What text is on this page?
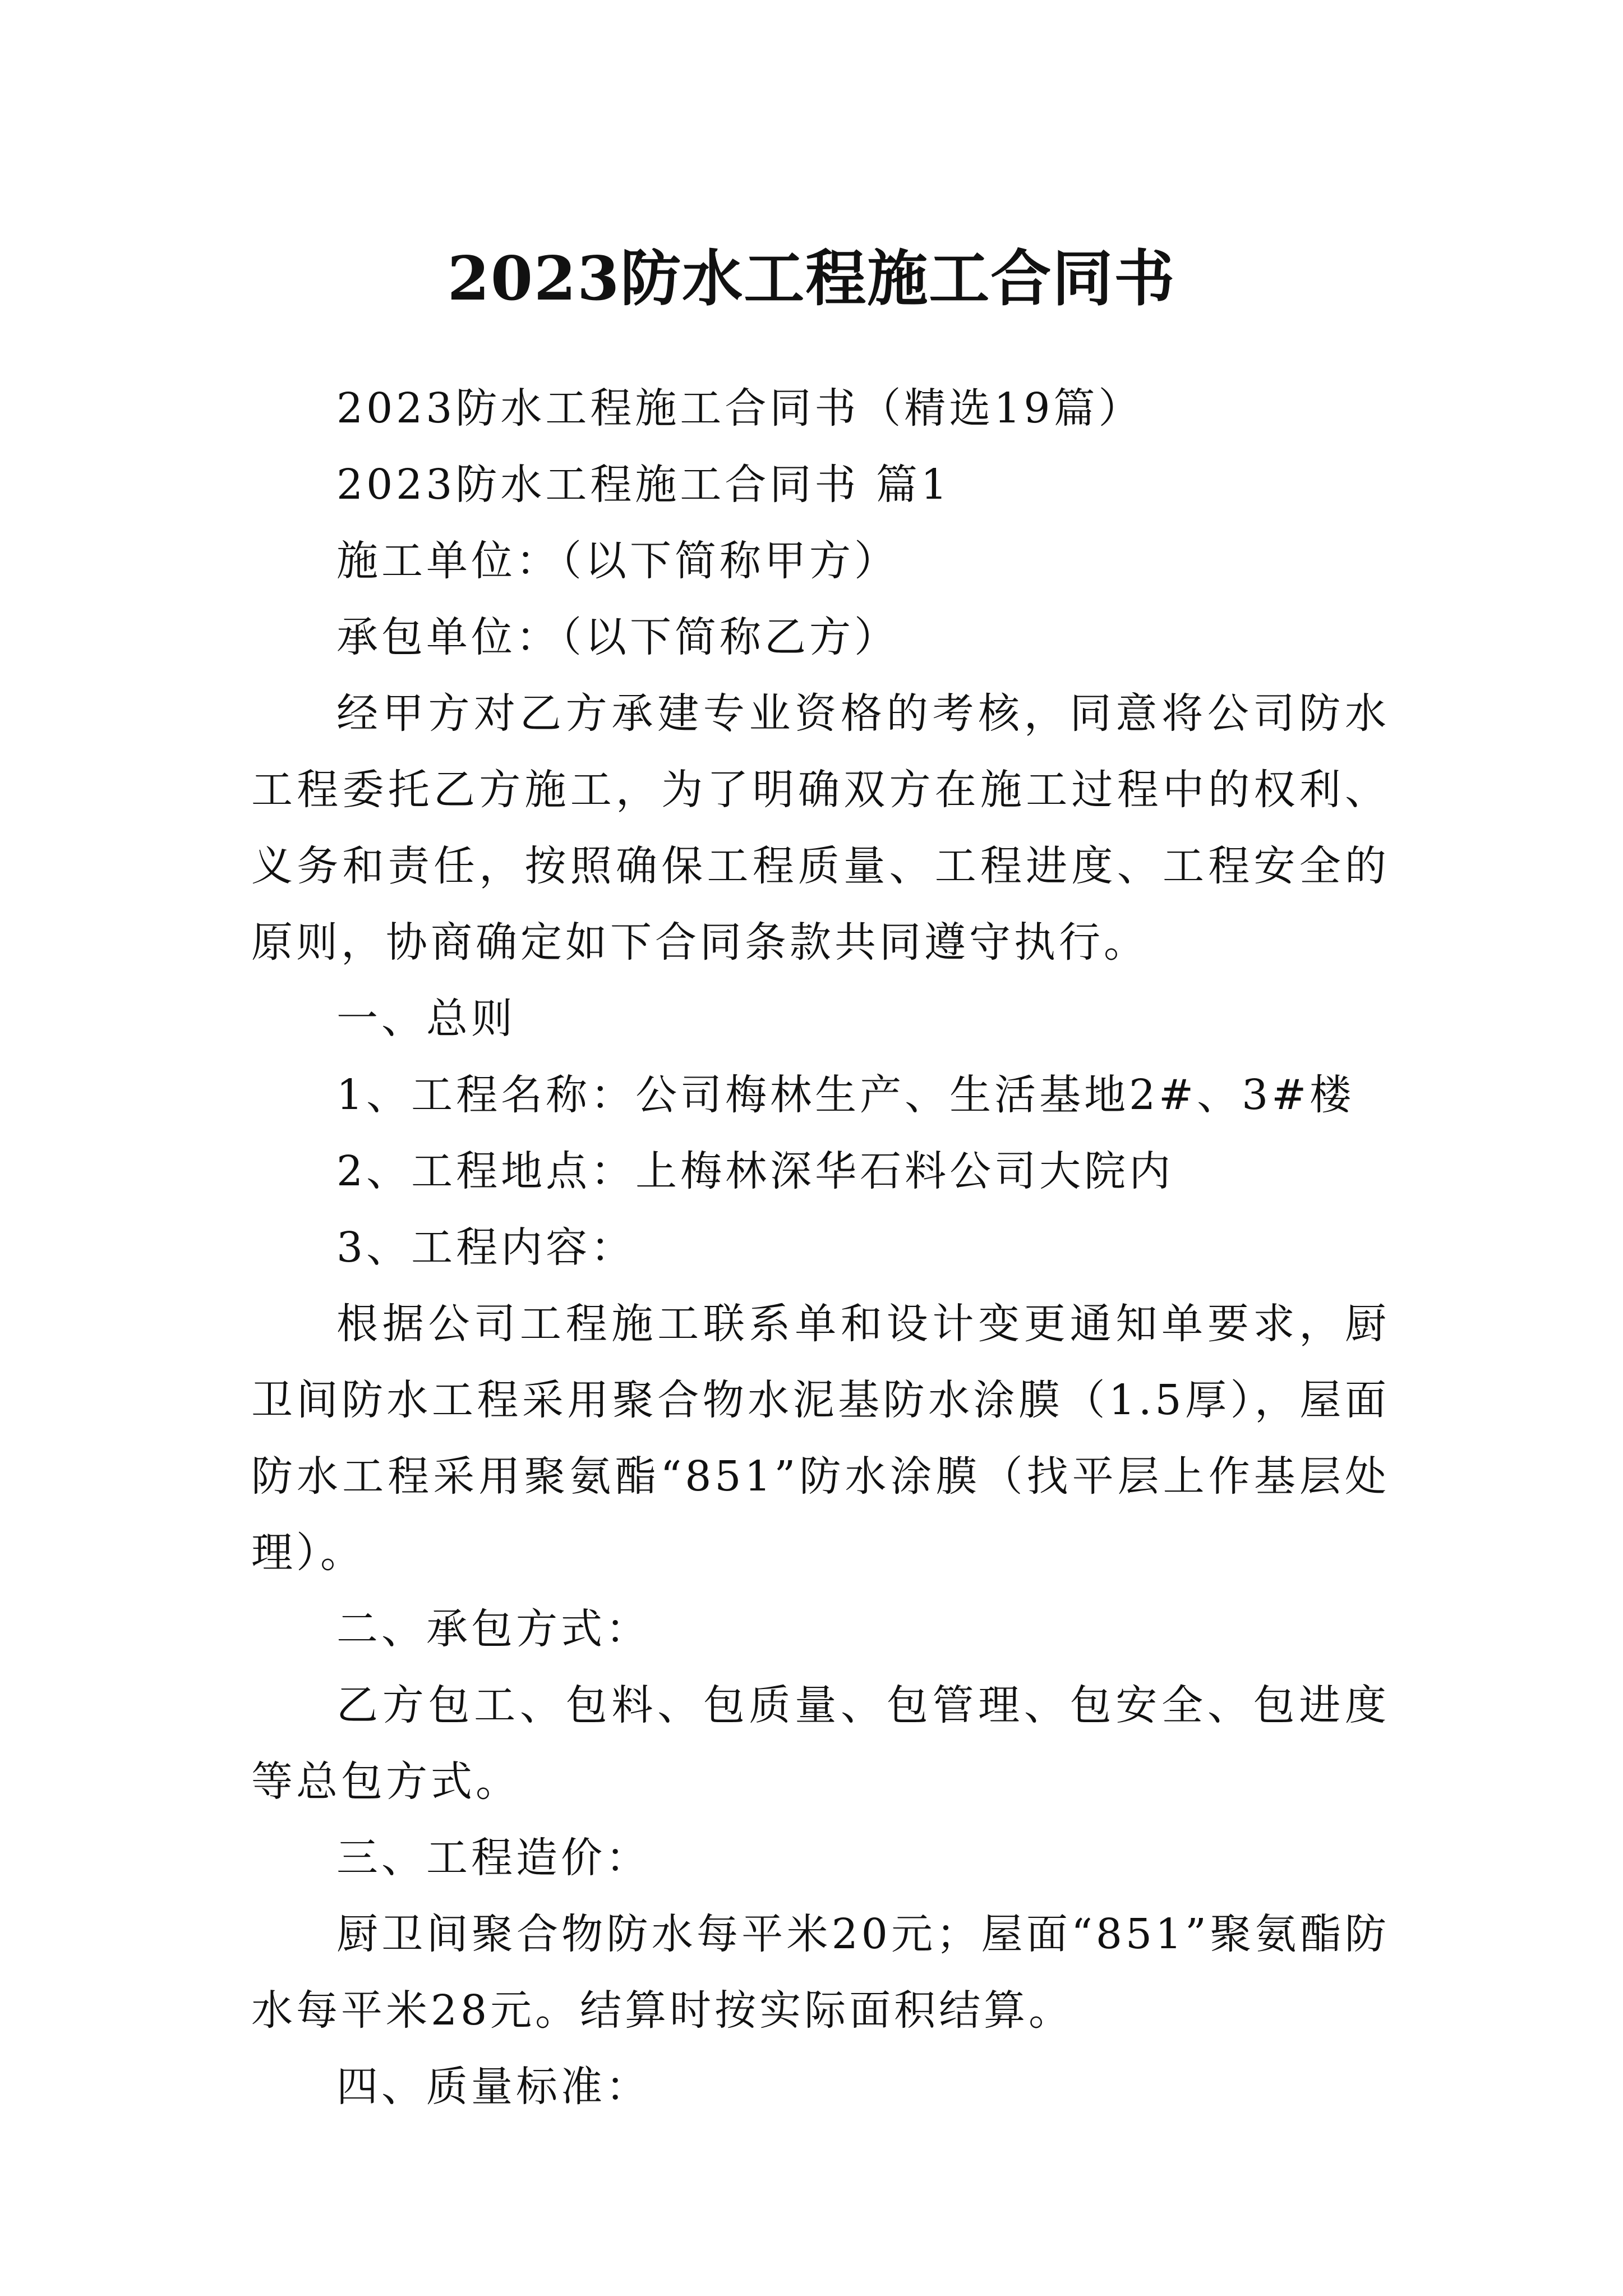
2023防水工程施工合同书

2023防水工程施工合同书（精选19篇）

2023防水工程施工合同书 篇1

施工单位：（以下简称甲方）

承包单位：（以下简称乙方）

经甲方对乙方承建专业资格的考核，同意将公司防水工程委托乙方施工，为了明确双方在施工过程中的权利、义务和责任，按照确保工程质量、工程进度、工程安全的原则，协商确定如下合同条款共同遵守执行。

一、总则

1、工程名称：公司梅林生产、生活基地2#、3#楼

2、工程地点：上梅林深华石料公司大院内

3、工程内容：

根据公司工程施工联系单和设计变更通知单要求，厨卫间防水工程采用聚合物水泥基防水涂膜（1.5厚），屋面防水工程采用聚氨酯“851”防水涂膜（找平层上作基层处理）。

二、承包方式：

乙方包工、包料、包质量、包管理、包安全、包进度等总包方式。

三、工程造价：

厨卫间聚合物防水每平米20元；屋面“851”聚氨酯防水每平米28元。结算时按实际面积结算。

四、质量标准：
